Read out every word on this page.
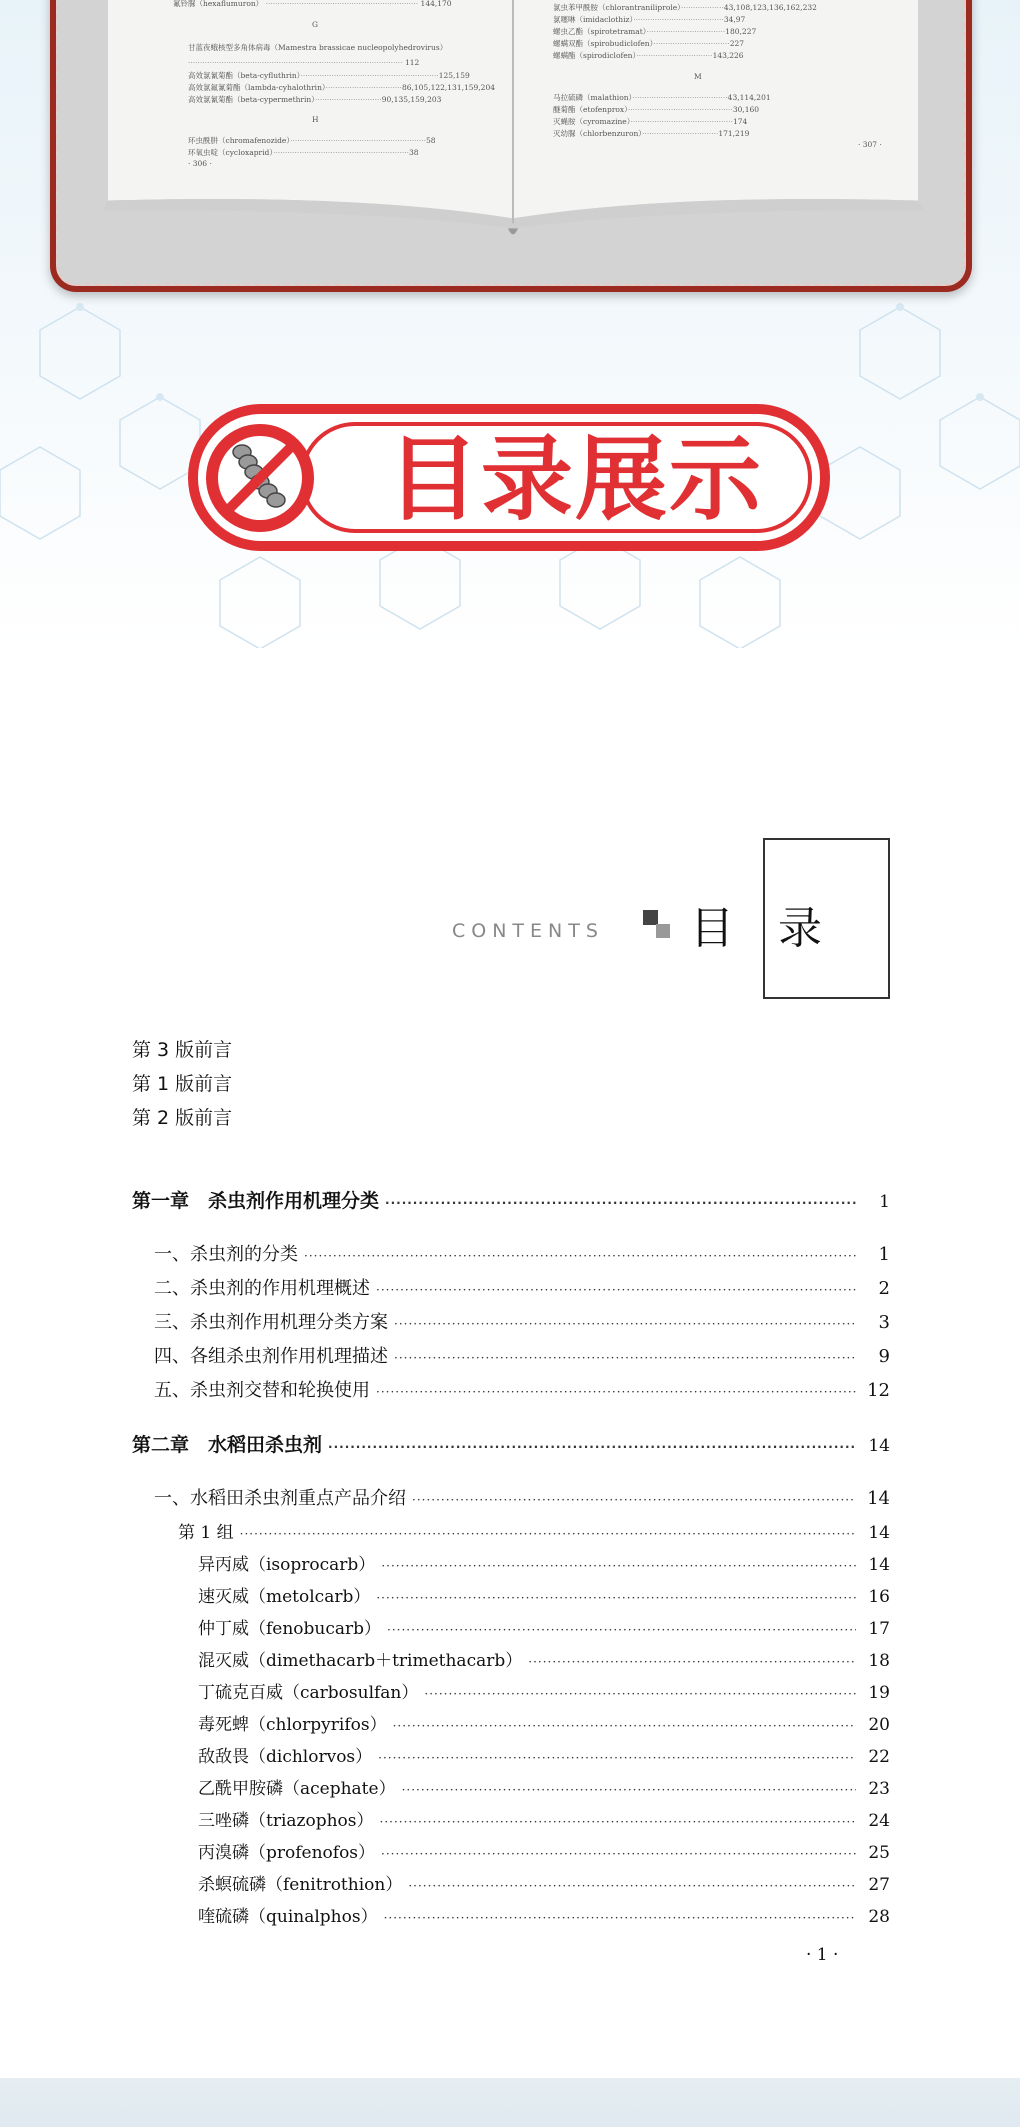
氟铃脲（hexaflumuron） ································································ 144,170
G
甘蓝夜蛾核型多角体病毒（Mamestra brassicae nucleopolyhedrovirus）
·························································································· 112
高效氯氰菊酯（beta-cyfluthrin）··························································125,159
高效氯氟氰菊酯（lambda-cyhalothrin）································86,105,122,131,159,204
高效氯氰菊酯（beta-cypermethrin）····························90,135,159,203
H
环虫酰肼（chromafenozide）·························································58
环氧虫啶（cycloxaprid）·························································38
· 306 ·
氯虫苯甲酰胺（chlorantraniliprole）··················43,108,123,136,162,232
氯噻啉（imidaclothiz）······································34,97
螺虫乙酯（spirotetramat）·································180,227
螺螨双酯（spirobudiclofen）································227
螺螨酯（spirodiclofen）································143,226
M
马拉硫磷（malathion）········································43,114,201
醚菊酯（etofenprox）············································30,160
灭蝇胺（cyromazine）···········································174
灭幼脲（chlorbenzuron）································171,219
· 307 ·
目录展示
CONTENTS 目录
第 3 版前言
第 1 版前言
第 2 版前言
第一章　杀虫剂作用机理分类 ·····	1
一、杀虫剂的分类 ·····	1
二、杀虫剂的作用机理概述 ·····	2
三、杀虫剂作用机理分类方案 ·····	3
四、各组杀虫剂作用机理描述 ·····	9
五、杀虫剂交替和轮换使用 ·····	12
第二章　水稻田杀虫剂 ·····	14
一、水稻田杀虫剂重点产品介绍 ·····	14
第 1 组 ·····	14
异丙威（isoprocarb） ·····	14
速灭威（metolcarb） ·····	16
仲丁威（fenobucarb） ·····	17
混灭威（dimethacarb＋trimethacarb） ·····	18
丁硫克百威（carbosulfan） ·····	19
毒死蜱（chlorpyrifos） ·····	20
敌敌畏（dichlorvos） ·····	22
乙酰甲胺磷（acephate） ·····	23
三唑磷（triazophos） ·····	24
丙溴磷（profenofos） ·····	25
杀螟硫磷（fenitrothion） ·····	27
喹硫磷（quinalphos） ·····	28
· 1 ·
